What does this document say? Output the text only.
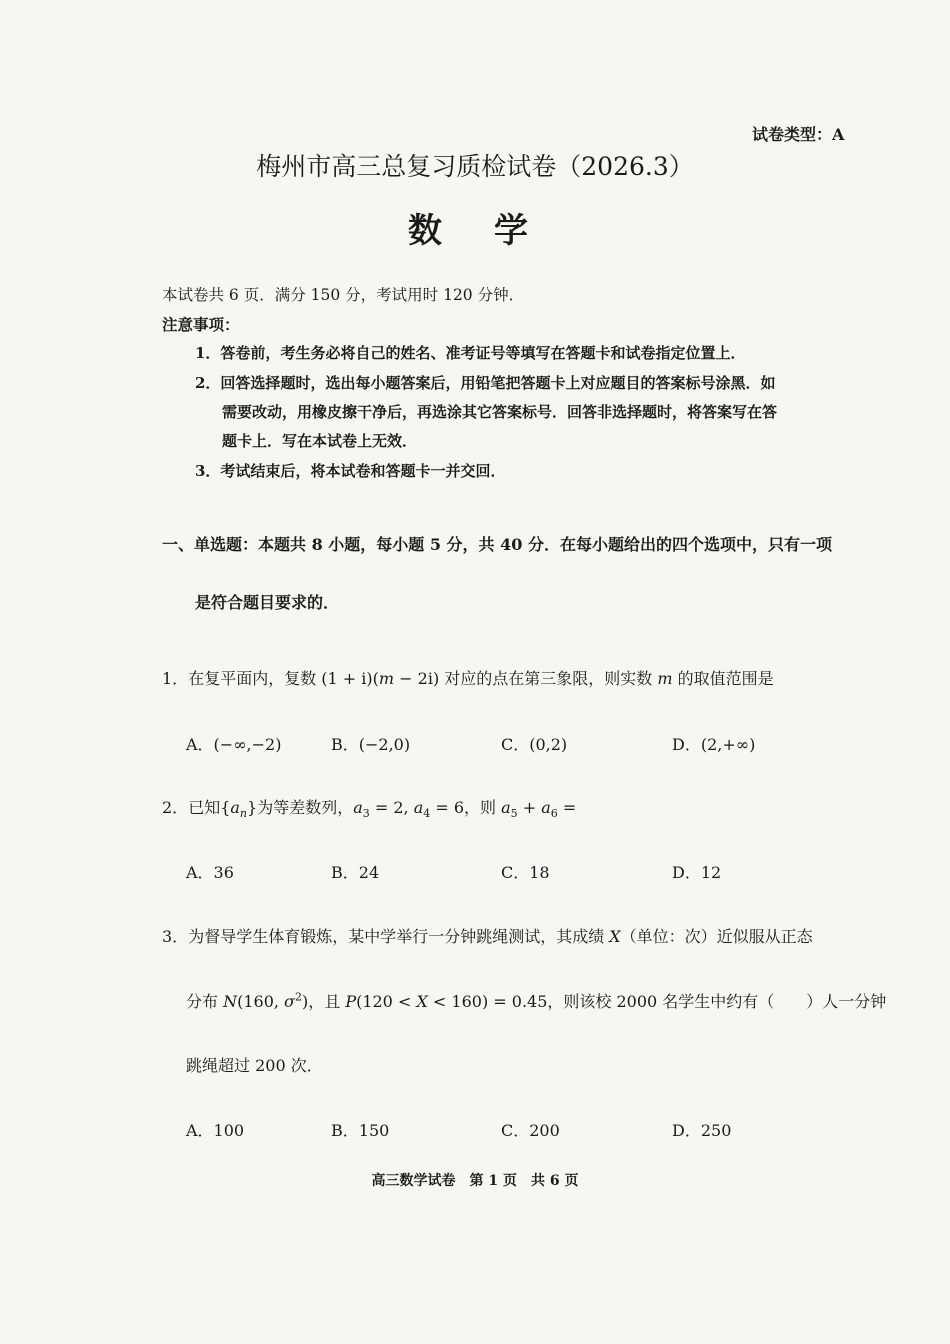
试卷类型：A
梅州市高三总复习质检试卷（2026.3）
数学
本试卷共 6 页．满分 150 分，考试用时 120 分钟．
注意事项：
1．答卷前，考生务必将自己的姓名、准考证号等填写在答题卡和试卷指定位置上．
2．回答选择题时，选出每小题答案后，用铅笔把答题卡上对应题目的答案标号涂黑．如
需要改动，用橡皮擦干净后，再选涂其它答案标号．回答非选择题时，将答案写在答
题卡上．写在本试卷上无效．
3．考试结束后，将本试卷和答题卡一并交回．
一、单选题：本题共 8 小题，每小题 5 分，共 40 分．在每小题给出的四个选项中，只有一项
是符合题目要求的．
1．在复平面内，复数 (1 + i)(m − 2i) 对应的点在第三象限，则实数 m 的取值范围是
A．(−∞,−2)	B．(−2,0)	C．(0,2)	D．(2,+∞)
2．已知$\{a_n\}$为等差数列，$a_3 = 2$, $a_4 = 6$，则 $a_5 + a_6$ =
A．36	B．24	C．18	D．12
3．为督导学生体育锻炼，某中学举行一分钟跳绳测试，其成绩 X（单位：次）近似服从正态
分布 N(160, $\sigma^2$)，且 P(120 < X < 160) = 0.45，则该校 2000 名学生中约有（　　）人一分钟
跳绳超过 200 次．
A．100	B．150	C．200	D．250
高三数学试卷　第 1 页　共 6 页
